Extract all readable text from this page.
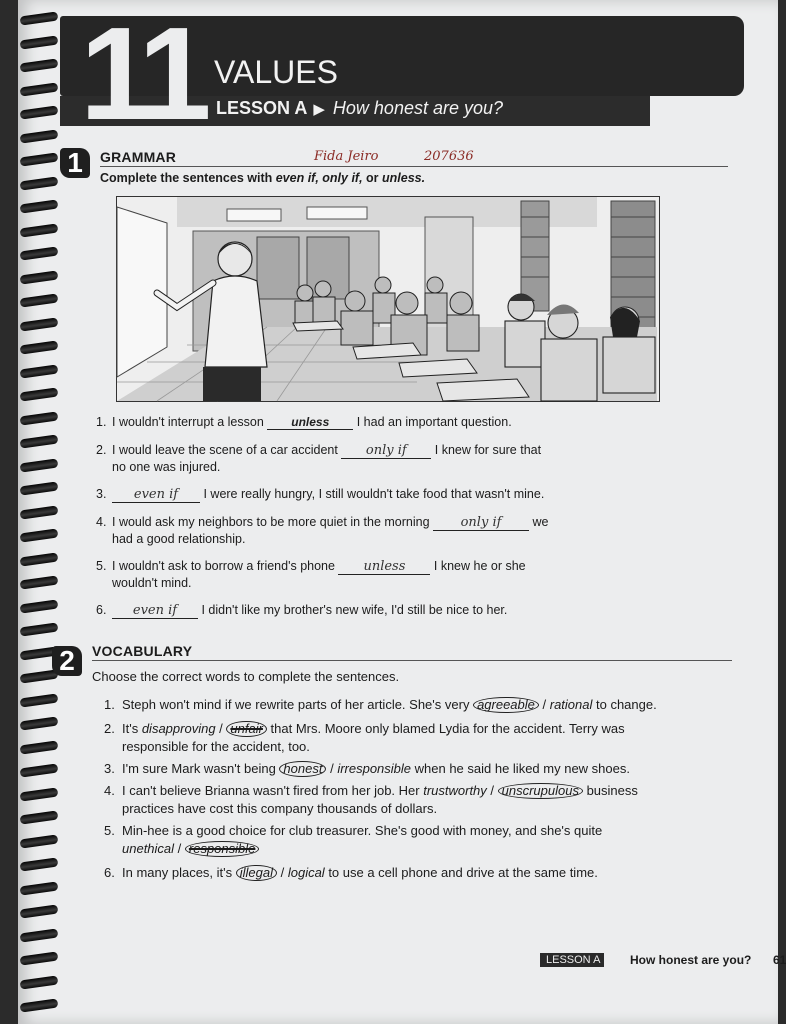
11 VALUES
LESSON A ▶ How honest are you?
1	GRAMMAR	Fida Jeiro	207636
Complete the sentences with even if, only if, or unless.
1. I wouldn't interrupt a lesson unless I had an important question.
2. I would leave the scene of a car accident only if I knew for sure that
no one was injured.
3. even if I were really hungry, I still wouldn't take food that wasn't mine.
4. I would ask my neighbors to be more quiet in the morning only if we
had a good relationship.
5. I wouldn't ask to borrow a friend's phone unless I knew he or she
wouldn't mind.
6. even if I didn't like my brother's new wife, I'd still be nice to her.
2	VOCABULARY
Choose the correct words to complete the sentences.
1. Steph won't mind if we rewrite parts of her article. She's very agreeable / rational to change.
2. It's disapproving / unfair that Mrs. Moore only blamed Lydia for the accident. Terry was
responsible for the accident, too.
3. I'm sure Mark wasn't being honest / irresponsible when he said he liked my new shoes.
4. I can't believe Brianna wasn't fired from her job. Her trustworthy / unscrupulous business
practices have cost this company thousands of dollars.
5. Min-hee is a good choice for club treasurer. She's good with money, and she's quite
unethical / responsible
6. In many places, it's illegal / logical to use a cell phone and drive at the same time.
LESSON A	How honest are you? 61
